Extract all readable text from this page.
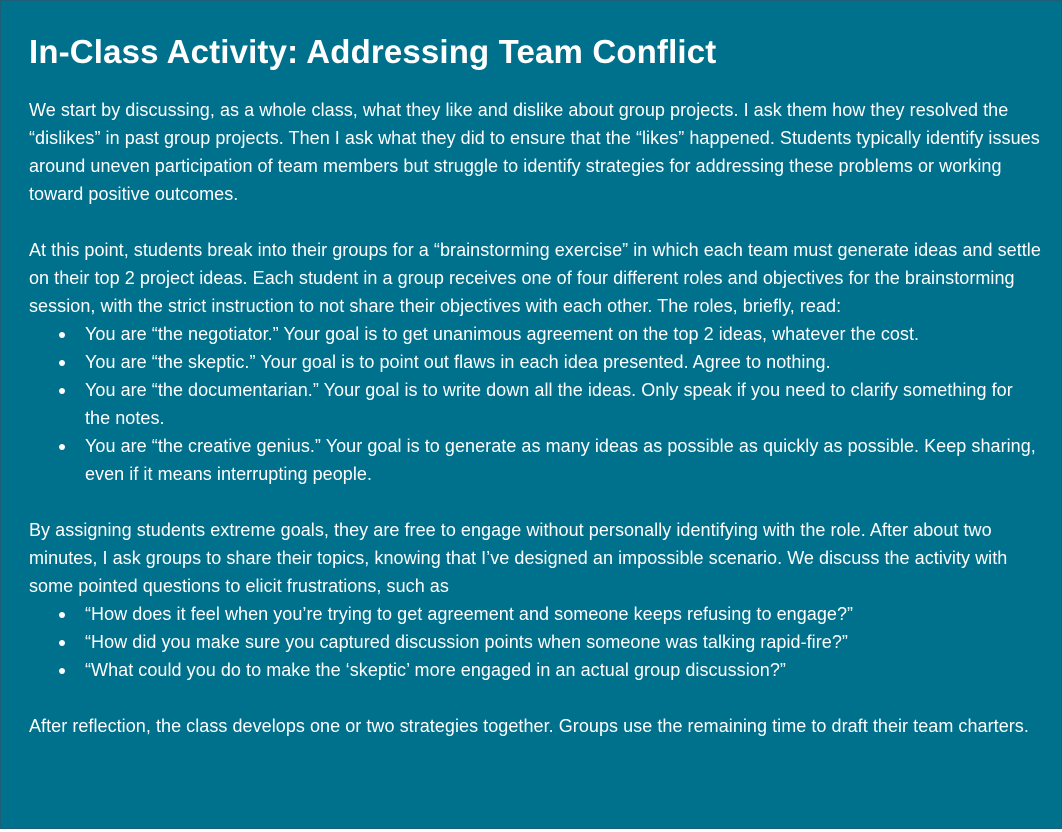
In-Class Activity: Addressing Team Conflict

We start by discussing, as a whole class, what they like and dislike about group projects. I ask them how they resolved the “dislikes” in past group projects. Then I ask what they did to ensure that the “likes” happened. Students typically identify issues around uneven participation of team members but struggle to identify strategies for addressing these problems or working toward positive outcomes.

At this point, students break into their groups for a “brainstorming exercise” in which each team must generate ideas and settle on their top 2 project ideas. Each student in a group receives one of four different roles and objectives for the brainstorming session, with the strict instruction to not share their objectives with each other. The roles, briefly, read:

You are “the negotiator.” Your goal is to get unanimous agreement on the top 2 ideas, whatever the cost.
You are “the skeptic.” Your goal is to point out flaws in each idea presented. Agree to nothing.
You are “the documentarian.” Your goal is to write down all the ideas. Only speak if you need to clarify something for the notes.
You are “the creative genius.” Your goal is to generate as many ideas as possible as quickly as possible. Keep sharing, even if it means interrupting people.

By assigning students extreme goals, they are free to engage without personally identifying with the role. After about two minutes, I ask groups to share their topics, knowing that I’ve designed an impossible scenario. We discuss the activity with some pointed questions to elicit frustrations, such as

“How does it feel when you’re trying to get agreement and someone keeps refusing to engage?”
“How did you make sure you captured discussion points when someone was talking rapid-fire?”
“What could you do to make the ‘skeptic’ more engaged in an actual group discussion?”

After reflection, the class develops one or two strategies together. Groups use the remaining time to draft their team charters.
